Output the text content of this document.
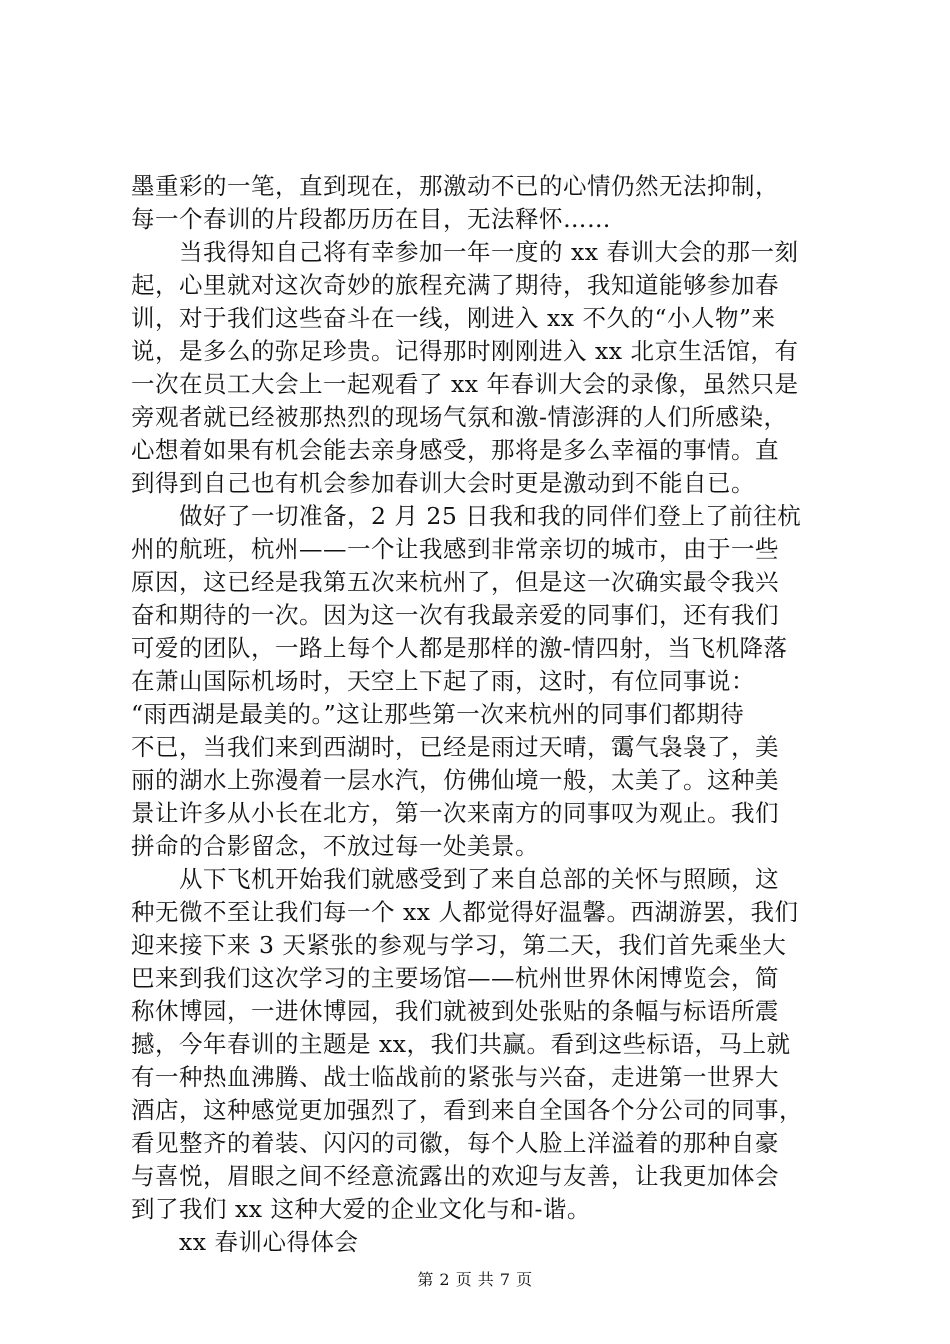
墨重彩的一笔，直到现在，那激动不已的心情仍然无法抑制，
每一个春训的片段都历历在目，无法释怀……
　　当我得知自己将有幸参加一年一度的 xx 春训大会的那一刻
起，心里就对这次奇妙的旅程充满了期待，我知道能够参加春
训，对于我们这些奋斗在一线，刚进入 xx 不久的“小人物”来
说，是多么的弥足珍贵。记得那时刚刚进入 xx 北京生活馆，有
一次在员工大会上一起观看了 xx 年春训大会的录像，虽然只是
旁观者就已经被那热烈的现场气氛和激-情澎湃的人们所感染，
心想着如果有机会能去亲身感受，那将是多么幸福的事情。直
到得到自己也有机会参加春训大会时更是激动到不能自已。
　　做好了一切准备，2 月 25 日我和我的同伴们登上了前往杭
州的航班，杭州——一个让我感到非常亲切的城市，由于一些
原因，这已经是我第五次来杭州了，但是这一次确实最令我兴
奋和期待的一次。因为这一次有我最亲爱的同事们，还有我们
可爱的团队，一路上每个人都是那样的激-情四射，当飞机降落
在萧山国际机场时，天空上下起了雨，这时，有位同事说：
“雨西湖是最美的。”这让那些第一次来杭州的同事们都期待
不已，当我们来到西湖时，已经是雨过天晴，霭气袅袅了，美
丽的湖水上弥漫着一层水汽，仿佛仙境一般，太美了。这种美
景让许多从小长在北方，第一次来南方的同事叹为观止。我们
拼命的合影留念，不放过每一处美景。
　　从下飞机开始我们就感受到了来自总部的关怀与照顾，这
种无微不至让我们每一个 xx 人都觉得好温馨。西湖游罢，我们
迎来接下来 3 天紧张的参观与学习，第二天，我们首先乘坐大
巴来到我们这次学习的主要场馆——杭州世界休闲博览会，简
称休博园，一进休博园，我们就被到处张贴的条幅与标语所震
撼，今年春训的主题是 xx，我们共赢。看到这些标语，马上就
有一种热血沸腾、战士临战前的紧张与兴奋，走进第一世界大
酒店，这种感觉更加强烈了，看到来自全国各个分公司的同事，
看见整齐的着装、闪闪的司徽，每个人脸上洋溢着的那种自豪
与喜悦，眉眼之间不经意流露出的欢迎与友善，让我更加体会
到了我们 xx 这种大爱的企业文化与和-谐。
　　xx 春训心得体会
第 2 页 共 7 页
